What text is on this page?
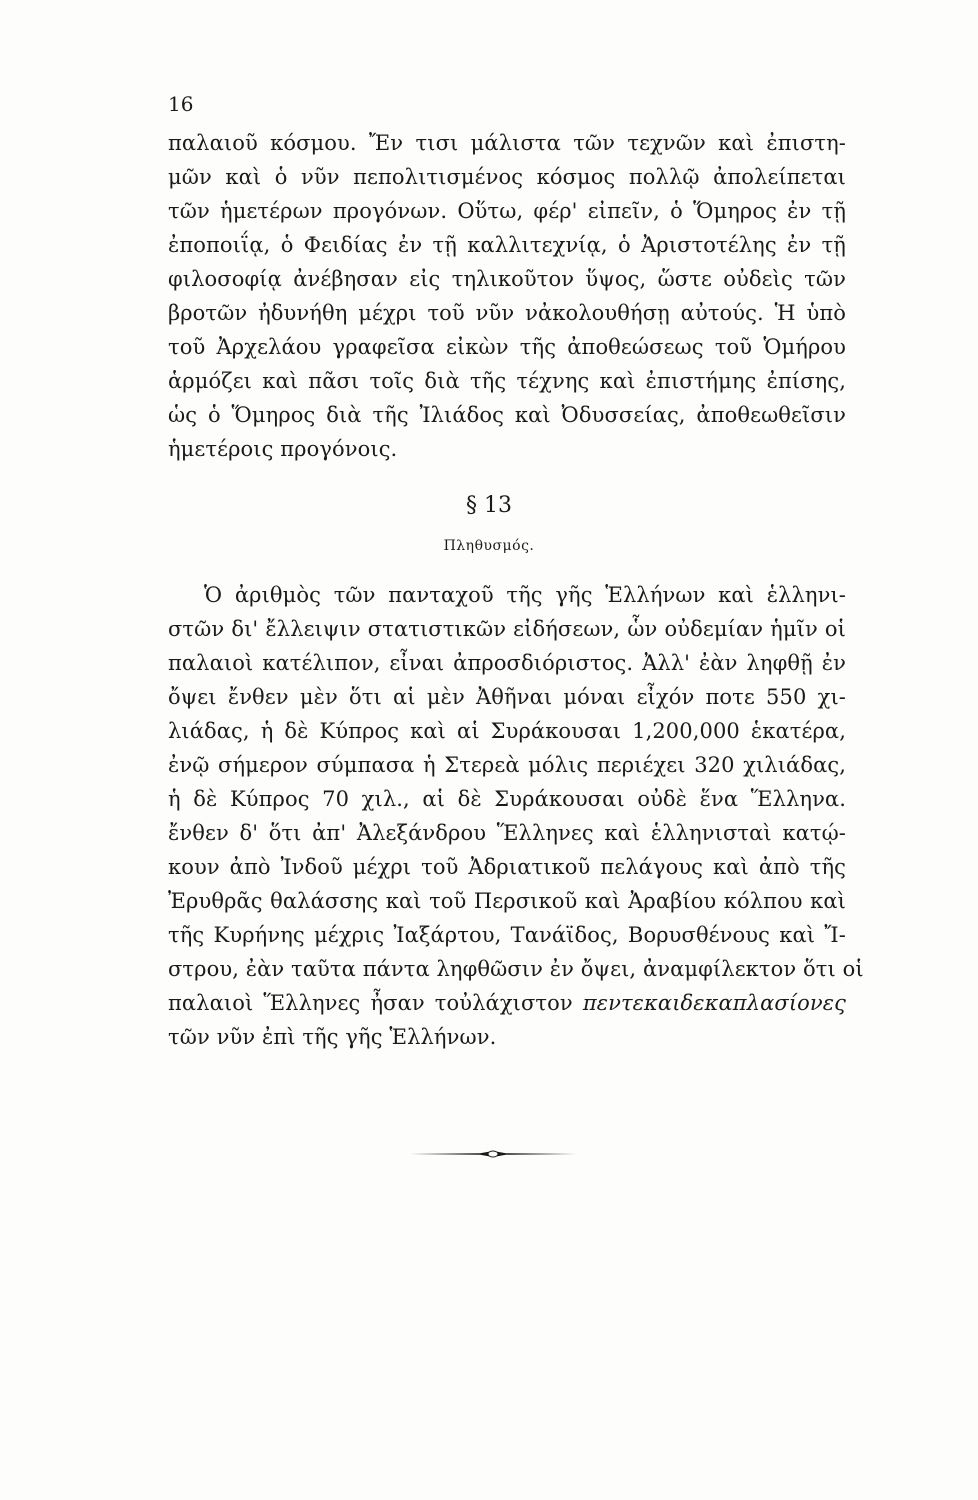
16
παλαιοῦ κόσμου. Ἔν τισι μάλιστα τῶν τεχνῶν καὶ ἐπιστη-
μῶν καὶ ὁ νῦν πεπολιτισμένος κόσμος πολλῷ ἀπολείπεται
τῶν ἡμετέρων προγόνων. Οὕτω, φέρ' εἰπεῖν, ὁ Ὅμηρος ἐν τῇ
ἐποποιΐᾳ, ὁ Φειδίας ἐν τῇ καλλιτεχνίᾳ, ὁ Ἀριστοτέλης ἐν τῇ
φιλοσοφίᾳ ἀνέβησαν εἰς τηλικοῦτον ὕψος, ὥστε οὐδεὶς τῶν
βροτῶν ἠδυνήθη μέχρι τοῦ νῦν νἀκολουθήσῃ αὐτούς. Ἡ ὑπὸ
τοῦ Ἀρχελάου γραφεῖσα εἰκὼν τῆς ἀποθεώσεως τοῦ Ὁμήρου
ἁρμόζει καὶ πᾶσι τοῖς διὰ τῆς τέχνης καὶ ἐπιστήμης ἐπίσης,
ὡς ὁ Ὅμηρος διὰ τῆς Ἰλιάδος καὶ Ὀδυσσείας, ἀποθεωθεῖσιν
ἡμετέροις προγόνοις.
§ 13
Πληθυσμός.
Ὁ ἀριθμὸς τῶν πανταχοῦ τῆς γῆς Ἑλλήνων καὶ ἑλληνι-
στῶν δι' ἔλλειψιν στατιστικῶν εἰδήσεων, ὧν οὐδεμίαν ἡμῖν οἱ
παλαιοὶ κατέλιπον, εἶναι ἀπροσδιόριστος. Ἀλλ' ἐὰν ληφθῇ ἐν
ὄψει ἔνθεν μὲν ὅτι αἱ μὲν Ἀθῆναι μόναι εἶχόν ποτε 550 χι-
λιάδας, ἡ δὲ Κύπρος καὶ αἱ Συράκουσαι 1,200,000 ἑκατέρα,
ἐνῷ σήμερον σύμπασα ἡ Στερεὰ μόλις περιέχει 320 χιλιάδας,
ἡ δὲ Κύπρος 70 χιλ., αἱ δὲ Συράκουσαι οὐδὲ ἕνα Ἕλληνα.
ἔνθεν δ' ὅτι ἀπ' Ἀλεξάνδρου Ἕλληνες καὶ ἑλληνισταὶ κατῴ-
κουν ἀπὸ Ἰνδοῦ μέχρι τοῦ Ἀδριατικοῦ πελάγους καὶ ἀπὸ τῆς
Ἐρυθρᾶς θαλάσσης καὶ τοῦ Περσικοῦ καὶ Ἀραβίου κόλπου καὶ
τῆς Κυρήνης μέχρις Ἰαξάρτου, Τανάϊδος, Βορυσθένους καὶ Ἴ-
στρου, ἐὰν ταῦτα πάντα ληφθῶσιν ἐν ὄψει, ἀναμφίλεκτον ὅτι οἱ
παλαιοὶ Ἕλληνες ἦσαν τοὐλάχιστον πεντεκαιδεκαπλασίονες
τῶν νῦν ἐπὶ τῆς γῆς Ἑλλήνων.
